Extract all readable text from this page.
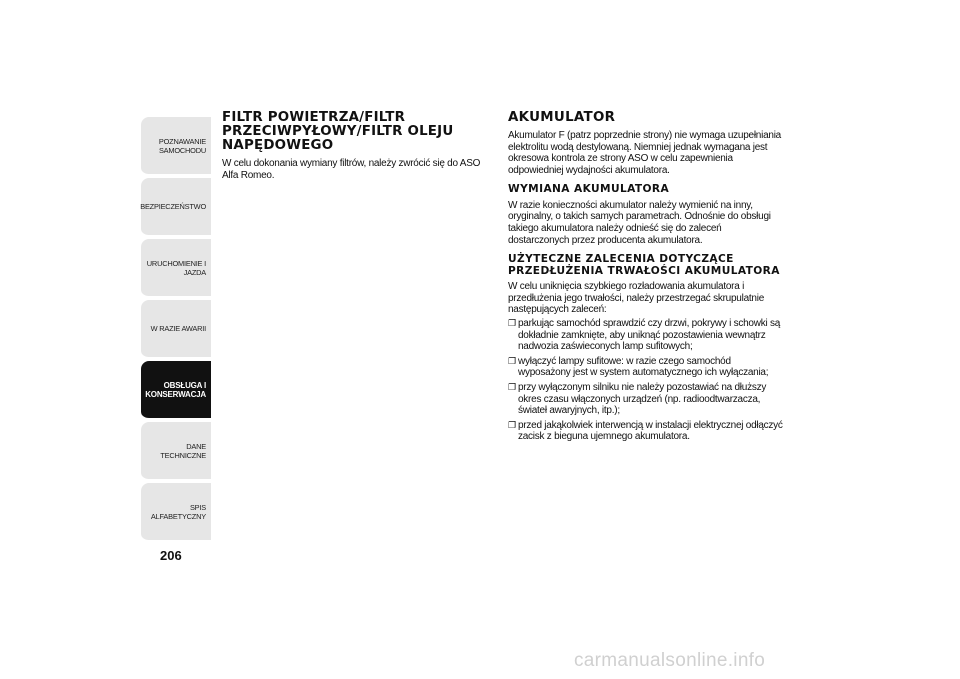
POZNAWANIE
SAMOCHODU
BEZPIECZEŃSTWO
URUCHOMIENIE I
JAZDA
W RAZIE AWARII
OBSŁUGA I
KONSERWACJA
DANE TECHNICZNE
SPIS ALFABETYCZNY
206
FILTR POWIETRZA/FILTR PRZECIWPYŁOWY/FILTR OLEJU NAPĘDOWEGO

W celu dokonania wymiany filtrów, należy zwrócić się do ASO Alfa Romeo.

AKUMULATOR

Akumulator F (patrz poprzednie strony) nie wymaga uzupełniania elektrolitu wodą destylowaną. Niemniej jednak wymagana jest okresowa kontrola ze strony ASO w celu zapewnienia odpowiedniej wydajności akumulatora.

WYMIANA AKUMULATORA

W razie konieczności akumulator należy wymienić na inny, oryginalny, o takich samych parametrach. Odnośnie do obsługi takiego akumulatora należy odnieść się do zaleceń dostarczonych przez producenta akumulatora.

UŻYTECZNE ZALECENIA DOTYCZĄCE PRZEDŁUŻENIA TRWAŁOŚCI AKUMULATORA

W celu uniknięcia szybkiego rozładowania akumulatora i przedłużenia jego trwałości, należy przestrzegać skrupulatnie następujących zaleceń:

❐ parkując samochód sprawdzić czy drzwi, pokrywy i schowki są dokładnie zamknięte, aby uniknąć pozostawienia wewnątrz nadwozia zaświeconych lamp sufitowych;
❐ wyłączyć lampy sufitowe: w razie czego samochód wyposażony jest w system automatycznego ich wyłączania;
❐ przy wyłączonym silniku nie należy pozostawiać na dłuższy okres czasu włączonych urządzeń (np. radioodtwarzacza, świateł awaryjnych, itp.);
❐ przed jakąkolwiek interwencją w instalacji elektrycznej odłączyć zacisk z bieguna ujemnego akumulatora.
carmanualsonline.info
